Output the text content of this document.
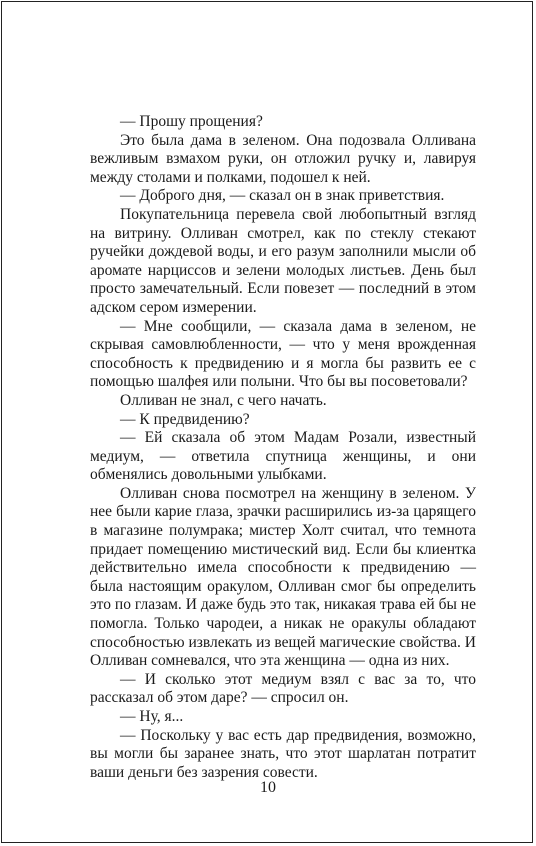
— Прошу прощения?

Это была дама в зеленом. Она подозвала Олливана вежливым взмахом руки, он отложил ручку и, лавируя между столами и полками, подошел к ней.

— Доброго дня, — сказал он в знак приветствия.

Покупательница перевела свой любопытный взгляд на витрину. Олливан смотрел, как по стеклу стекают ручейки дождевой воды, и его разум заполнили мысли об аромате нарциссов и зелени молодых листьев. День был просто замечательный. Если повезет — последний в этом адском сером измерении.

— Мне сообщили, — сказала дама в зеленом, не скрывая самовлюбленности, — что у меня врожденная способность к предвидению и я могла бы развить ее с помощью шалфея или полыни. Что бы вы посоветовали?

Олливан не знал, с чего начать.

— К предвидению?

— Ей сказала об этом Мадам Розали, известный медиум, — ответила спутница женщины, и они обменялись довольными улыбками.

Олливан снова посмотрел на женщину в зеленом. У нее были карие глаза, зрачки расширились из-за царящего в магазине полумрака; мистер Холт считал, что темнота придает помещению мистический вид. Если бы клиентка действительно имела способности к предвидению — была настоящим оракулом, Олливан смог бы определить это по глазам. И даже будь это так, никакая трава ей бы не помогла. Только чародеи, а никак не оракулы обладают способностью извлекать из вещей магические свойства. И Олливан сомневался, что эта женщина — одна из них.

— И сколько этот медиум взял с вас за то, что рассказал об этом даре? — спросил он.

— Ну, я...

— Поскольку у вас есть дар предвидения, возможно, вы могли бы заранее знать, что этот шарлатан потратит ваши деньги без зазрения совести.

10
